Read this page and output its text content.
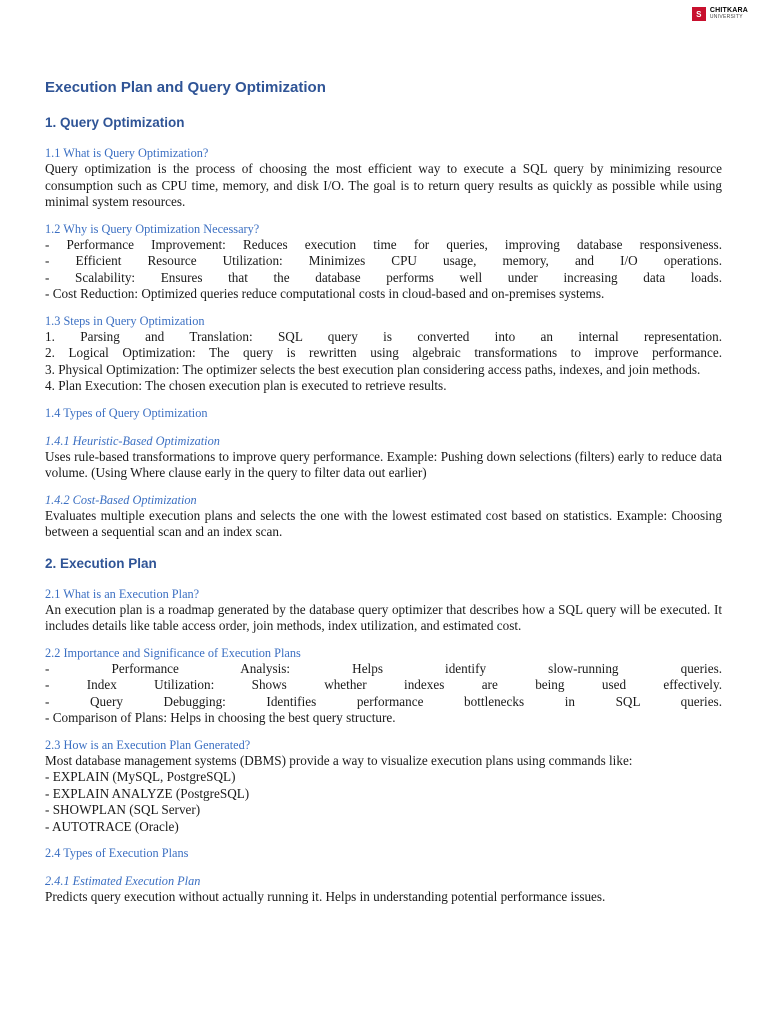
S	CHITKARA
UNIVERSITY
Execution Plan and Query Optimization
1. Query Optimization
1.1 What is Query Optimization?

Query optimization is the process of choosing the most efficient way to execute a SQL query by minimizing resource consumption such as CPU time, memory, and disk I/O. The goal is to return query results as quickly as possible while using minimal system resources.

1.2 Why is Query Optimization Necessary?
- Performance Improvement: Reduces execution time for queries, improving database responsiveness.
- Efficient Resource Utilization: Minimizes CPU usage, memory, and I/O operations.
- Scalability: Ensures that the database performs well under increasing data loads.
- Cost Reduction: Optimized queries reduce computational costs in cloud-based and on-premises systems.
1.3 Steps in Query Optimization
1. Parsing and Translation: SQL query is converted into an internal representation.
2. Logical Optimization: The query is rewritten using algebraic transformations to improve performance.
3. Physical Optimization: The optimizer selects the best execution plan considering access paths, indexes, and join methods.
4. Plan Execution: The chosen execution plan is executed to retrieve results.
1.4 Types of Query Optimization
1.4.1 Heuristic-Based Optimization

Uses rule-based transformations to improve query performance. Example: Pushing down selections (filters) early to reduce data volume. (Using Where clause early in the query to filter data out earlier)

1.4.2 Cost-Based Optimization

Evaluates multiple execution plans and selects the one with the lowest estimated cost based on statistics. Example: Choosing between a sequential scan and an index scan.

2. Execution Plan
2.1 What is an Execution Plan?

An execution plan is a roadmap generated by the database query optimizer that describes how a SQL query will be executed. It includes details like table access order, join methods, index utilization, and estimated cost.

2.2 Importance and Significance of Execution Plans
- Performance Analysis: Helps identify slow-running queries.
- Index Utilization: Shows whether indexes are being used effectively.
- Query Debugging: Identifies performance bottlenecks in SQL queries.
- Comparison of Plans: Helps in choosing the best query structure.
2.3 How is an Execution Plan Generated?
Most database management systems (DBMS) provide a way to visualize execution plans using commands like:
- EXPLAIN (MySQL, PostgreSQL)
- EXPLAIN ANALYZE (PostgreSQL)
- SHOWPLAN (SQL Server)
- AUTOTRACE (Oracle)
2.4 Types of Execution Plans
2.4.1 Estimated Execution Plan

Predicts query execution without actually running it. Helps in understanding potential performance issues.
